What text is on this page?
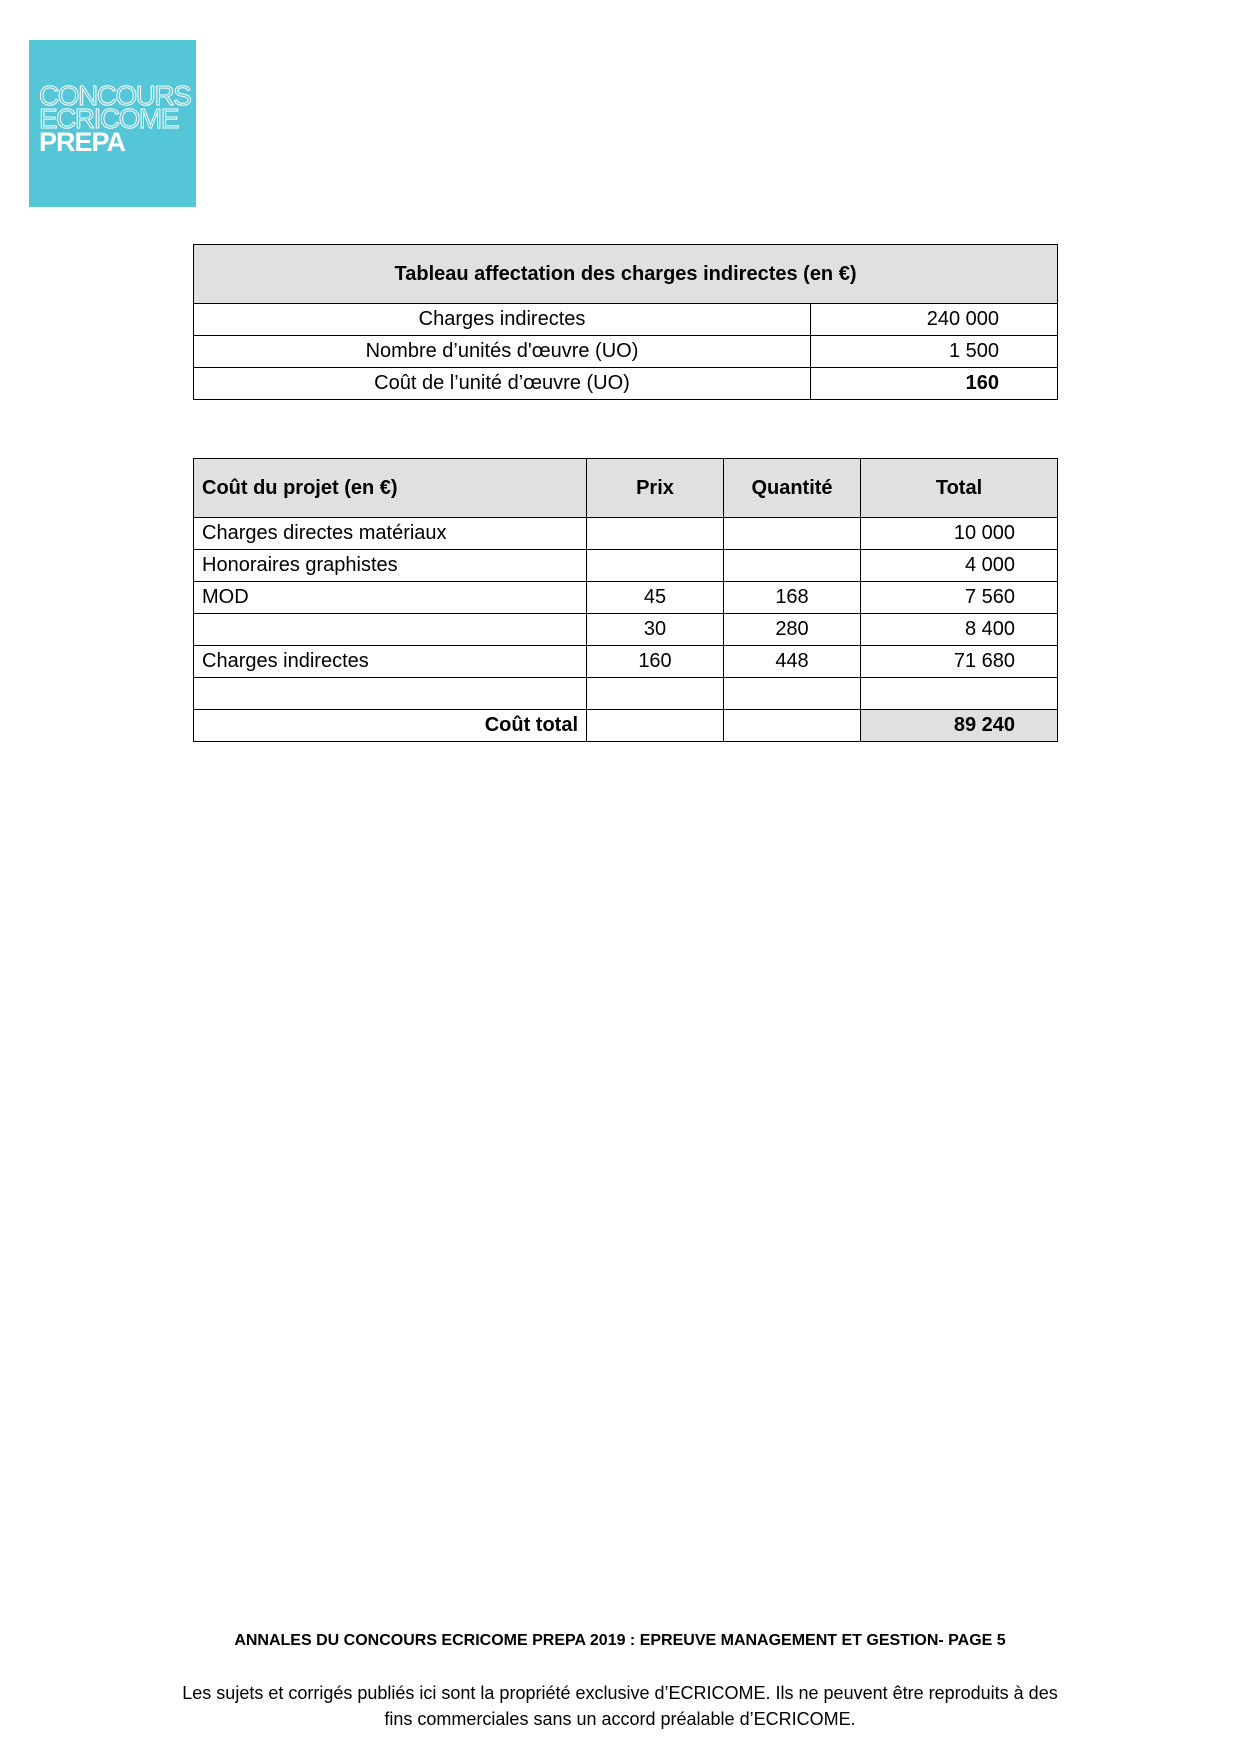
CONCOURS
ECRICOME
PREPA
Tableau affectation des charges indirectes (en €)	
Charges indirectes	240 000
Nombre d’unités d'œuvre (UO)	1 500
Coût de l’unité d’œuvre (UO)	160
Coût du projet (en €)	Prix	Quantité	Total
Charges directes matériaux			10 000
Honoraires graphistes			4 000
MOD	45	168	7 560
	30	280	8 400
Charges indirectes	160	448	71 680

Coût total			89 240
ANNALES DU CONCOURS ECRICOME PREPA 2019 : EPREUVE MANAGEMENT ET GESTION- PAGE 5
Les sujets et corrigés publiés ici sont la propriété exclusive d’ECRICOME. Ils ne peuvent être reproduits à des
fins commerciales sans un accord préalable d’ECRICOME.
